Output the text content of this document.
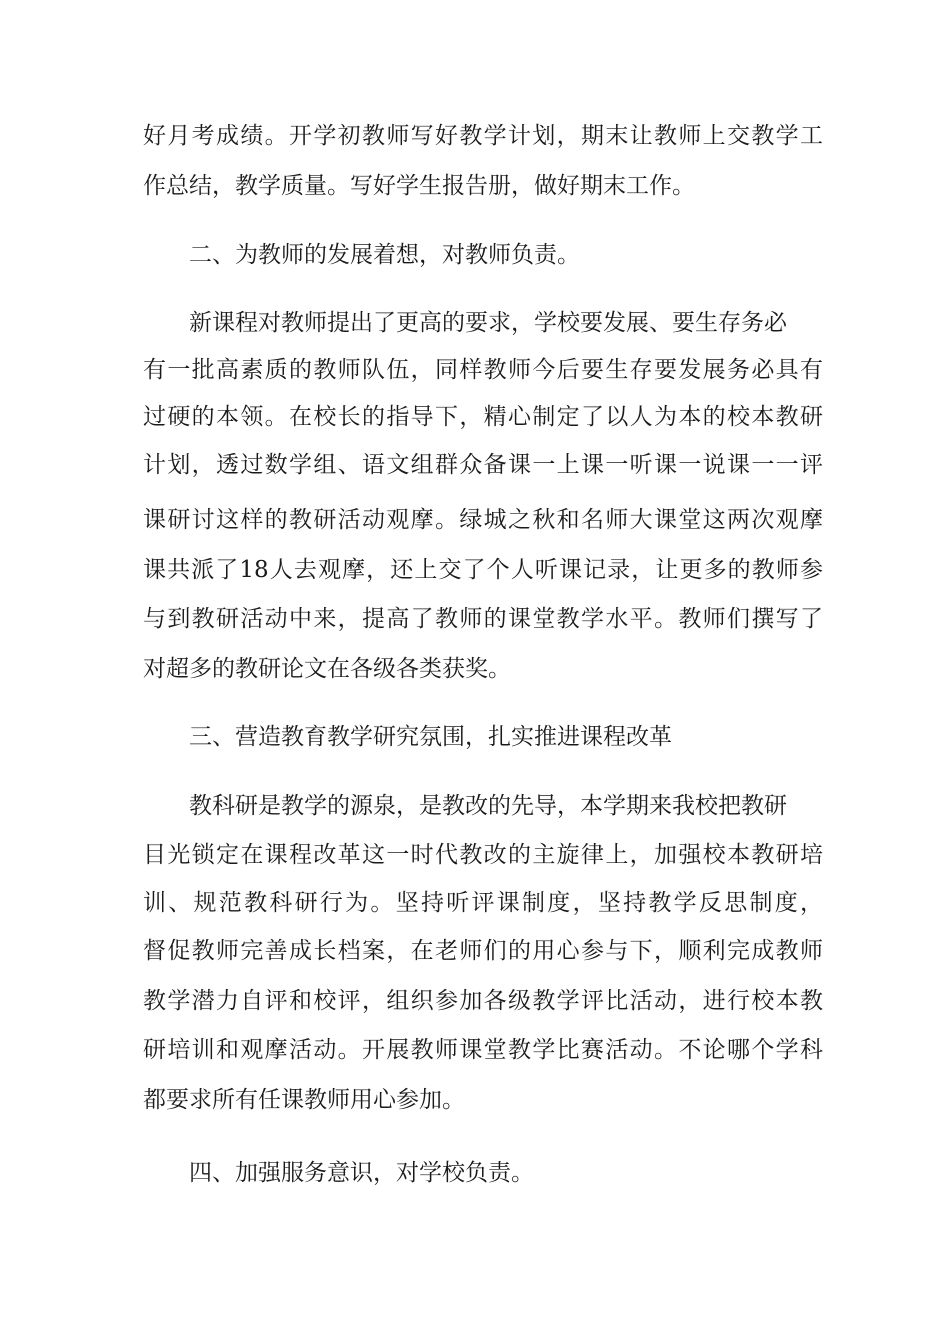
好月考成绩。开学初教师写好教学计划，期末让教师上交教学工

作总结，教学质量。写好学生报告册，做好期末工作。

二、为教师的发展着想，对教师负责。

新课程对教师提出了更高的要求，学校要发展、要生存务必

有一批高素质的教师队伍，同样教师今后要生存要发展务必具有

过硬的本领。在校长的指导下，精心制定了以人为本的校本教研

计划，透过数学组、语文组群众备课一上课一听课一说课一一评

课研讨这样的教研活动观摩。绿城之秋和名师大课堂这两次观摩

课共派了18人去观摩，还上交了个人听课记录，让更多的教师参

与到教研活动中来，提高了教师的课堂教学水平。教师们撰写了

对超多的教研论文在各级各类获奖。

三、营造教育教学研究氛围，扎实推进课程改革

教科研是教学的源泉，是教改的先导，本学期来我校把教研

目光锁定在课程改革这一时代教改的主旋律上，加强校本教研培

训、规范教科研行为。坚持听评课制度，坚持教学反思制度，

督促教师完善成长档案，在老师们的用心参与下，顺利完成教师

教学潜力自评和校评，组织参加各级教学评比活动，进行校本教

研培训和观摩活动。开展教师课堂教学比赛活动。不论哪个学科

都要求所有任课教师用心参加。

四、加强服务意识，对学校负责。
